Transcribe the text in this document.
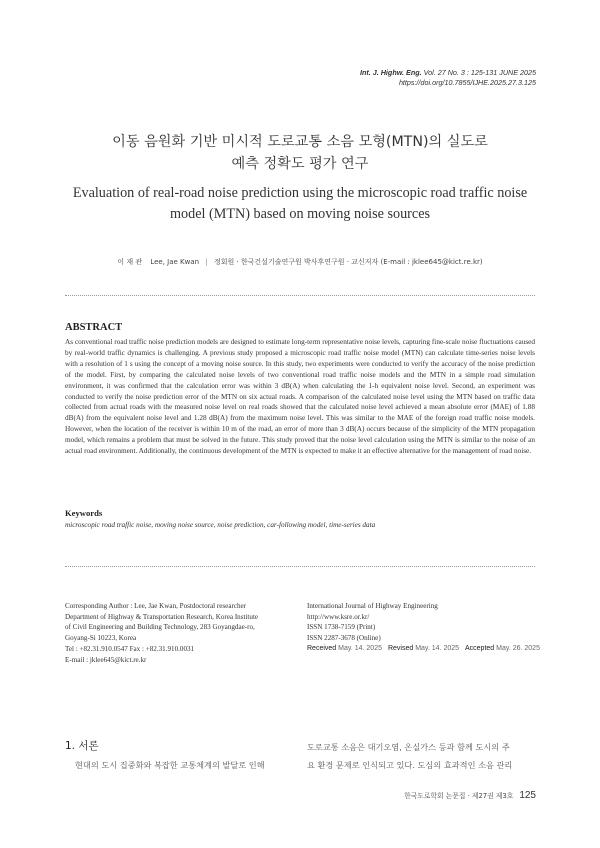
Int. J. Highw. Eng. Vol. 27 No. 3 : 125-131 JUNE 2025
https://doi.org/10.7855/IJHE.2025.27.3.125
이동 음원화 기반 미시적 도로교통 소음 모형(MTN)의 실도로
예측 정확도 평가 연구
Evaluation of real-road noise prediction using the microscopic road traffic noise
model (MTN) based on moving noise sources
이 재 관 Lee, Jae Kwan | 정회원 · 한국건설기술연구원 박사후연구원 · 교신저자 (E-mail : jklee645@kict.re.kr)
ABSTRACT
As conventional road traffic noise prediction models are designed to estimate long-term representative noise levels, capturing fine-scale noise fluctuations caused by real-world traffic dynamics is challenging. A previous study proposed a microscopic road traffic noise model (MTN) can calculate time-series noise levels with a resolution of 1 s using the concept of a moving noise source. In this study, two experiments were conducted to verify the accuracy of the noise prediction of the model. First, by comparing the calculated noise levels of two conventional road traffic noise models and the MTN in a simple road simulation environment, it was confirmed that the calculation error was within 3 dB(A) when calculating the 1-h equivalent noise level. Second, an experiment was conducted to verify the noise prediction error of the MTN on six actual roads. A comparison of the calculated noise level using the MTN based on traffic data collected from actual roads with the measured noise level on real roads showed that the calculated noise level achieved a mean absolute error (MAE) of 1.88 dB(A) from the equivalent noise level and 1.28 dB(A) from the maximum noise level. This was similar to the MAE of the foreign road traffic noise models. However, when the location of the receiver is within 10 m of the road, an error of more than 3 dB(A) occurs because of the simplicity of the MTN propagation model, which remains a problem that must be solved in the future. This study proved that the noise level calculation using the MTN is similar to the noise of an actual road environment. Additionally, the continuous development of the MTN is expected to make it an effective alternative for the management of road noise.
Keywords
microscopic road traffic noise, moving noise source, noise prediction, car-following model, time-series data
Corresponding Author : Lee, Jae Kwan, Postdoctoral researcher
Department of Highway & Transportation Research, Korea Institute
of Civil Engineering and Building Technology, 283 Goyangdae-ro,
Goyang-Si 10223, Korea
Tel : +82.31.910.0547 Fax : +82.31.910.0031
E-mail : jklee645@kict.re.kr
International Journal of Highway Engineering
http://www.ksre.or.kr/
ISSN 1738-7159 (Print)
ISSN 2287-3678 (Online)
Received May. 14. 2025 Revised May. 14. 2025 Accepted May. 26. 2025
1. 서론
현대의 도시 집중화와 복잡한 교통체계의 발달로 인해
도로교통 소음은 대기오염, 온실가스 등과 함께 도시의 주
요 환경 문제로 인식되고 있다. 도심의 효과적인 소음 관리
한국도로학회 논문집 · 제27권 제3호 125
